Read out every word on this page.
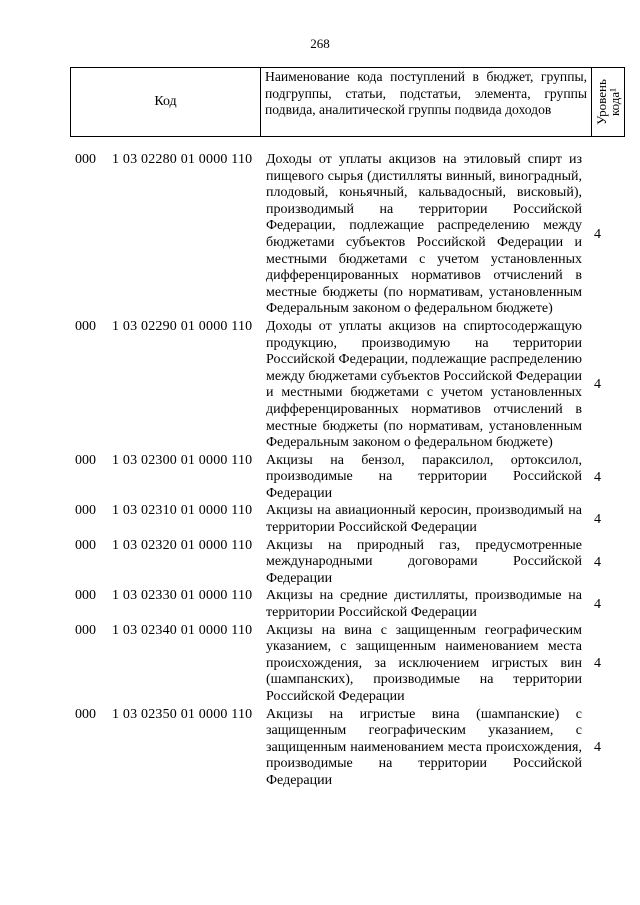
268
Код	Наименование кода поступлений в бюджет, группы, подгруппы, статьи, подстатьи, элемента, группы подвида, аналитической группы подвида доходов	Уровень
кода¹
000 1 03 02280 01 0000 110 Доходы от уплаты акцизов на этиловый спирт из пищевого сырья (дистилляты винный, виноградный, плодовый, коньячный, кальвадосный, висковый), производимый на территории Российской Федерации, подлежащие распределению между бюджетами субъектов Российской Федерации и местными бюджетами с учетом установленных дифференцированных нормативов отчислений в местные бюджеты (по нормативам, установленным Федеральным законом о федеральном бюджете)
4
000 1 03 02290 01 0000 110 Доходы от уплаты акцизов на спиртосодержащую продукцию, производимую на территории Российской Федерации, подлежащие распределению между бюджетами субъектов Российской Федерации и местными бюджетами с учетом установленных дифференцированных нормативов отчислений в местные бюджеты (по нормативам, установленным Федеральным законом о федеральном бюджете)
4
000 1 03 02300 01 0000 110 Акцизы на бензол, параксилол, ортоксилол, производимые на территории Российской Федерации
4
000 1 03 02310 01 0000 110 Акцизы на авиационный керосин, производимый на территории Российской Федерации
4
000 1 03 02320 01 0000 110 Акцизы на природный газ, предусмотренные международными договорами Российской Федерации
4
000 1 03 02330 01 0000 110 Акцизы на средние дистилляты, производимые на территории Российской Федерации
4
000 1 03 02340 01 0000 110 Акцизы на вина с защищенным географическим указанием, с защищенным наименованием места происхождения, за исключением игристых вин (шампанских), производимые на территории Российской Федерации
4
000 1 03 02350 01 0000 110 Акцизы на игристые вина (шампанские) с защищенным географическим указанием, с защищенным наименованием места происхождения, производимые на территории Российской Федерации
4
